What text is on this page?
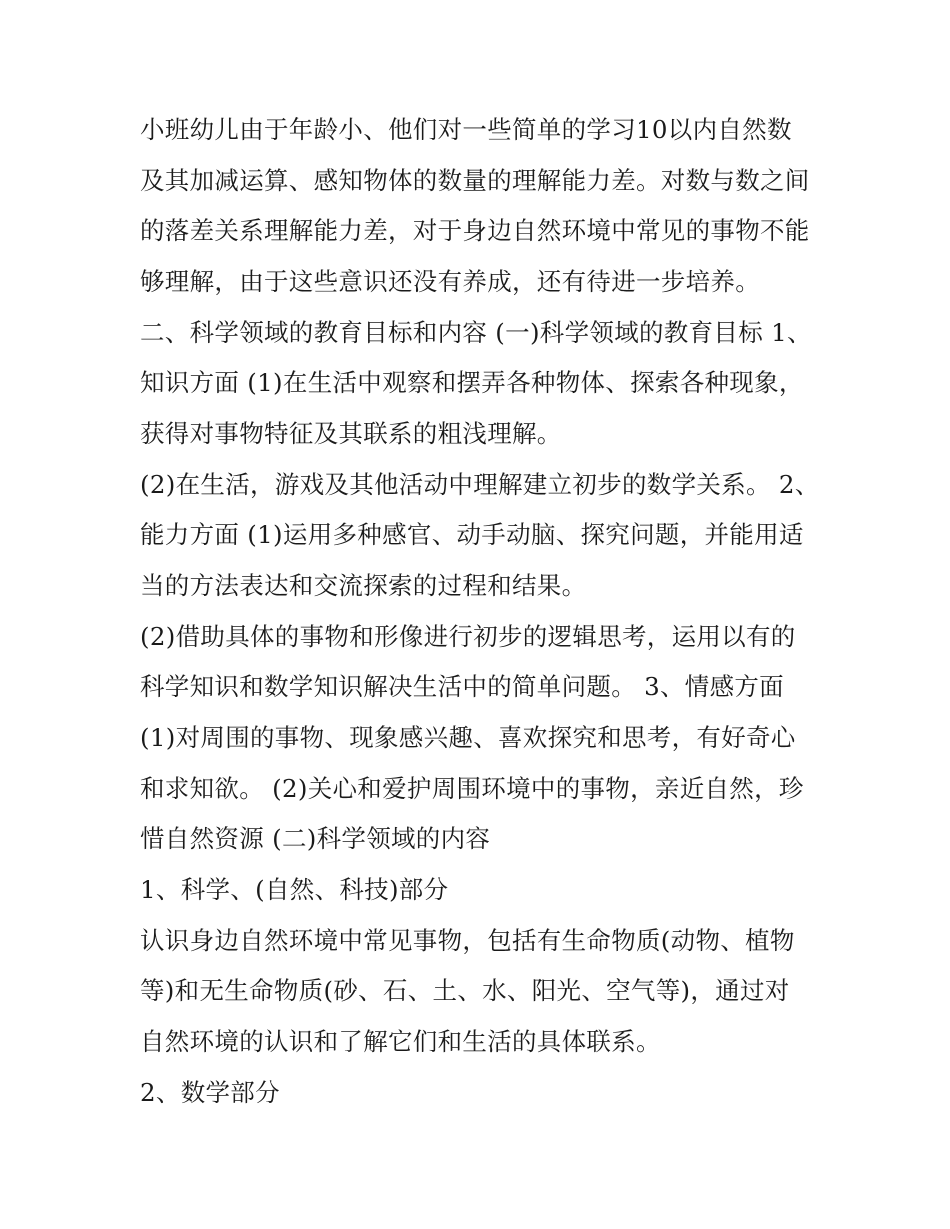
小班幼儿由于年龄小、他们对一些简单的学习10以内自然数
及其加减运算、感知物体的数量的理解能力差。对数与数之间
的落差关系理解能力差，对于身边自然环境中常见的事物不能
够理解，由于这些意识还没有养成，还有待进一步培养。
二、科学领域的教育目标和内容 (一)科学领域的教育目标 1、
知识方面 (1)在生活中观察和摆弄各种物体、探索各种现象，
获得对事物特征及其联系的粗浅理解。
(2)在生活，游戏及其他活动中理解建立初步的数学关系。 2、
能力方面 (1)运用多种感官、动手动脑、探究问题，并能用适
当的方法表达和交流探索的过程和结果。
(2)借助具体的事物和形像进行初步的逻辑思考，运用以有的
科学知识和数学知识解决生活中的简单问题。 3、情感方面
(1)对周围的事物、现象感兴趣、喜欢探究和思考，有好奇心
和求知欲。 (2)关心和爱护周围环境中的事物，亲近自然，珍
惜自然资源 (二)科学领域的内容
1、科学、(自然、科技)部分
认识身边自然环境中常见事物，包括有生命物质(动物、植物
等)和无生命物质(砂、石、土、水、阳光、空气等)，通过对
自然环境的认识和了解它们和生活的具体联系。
2、数学部分
